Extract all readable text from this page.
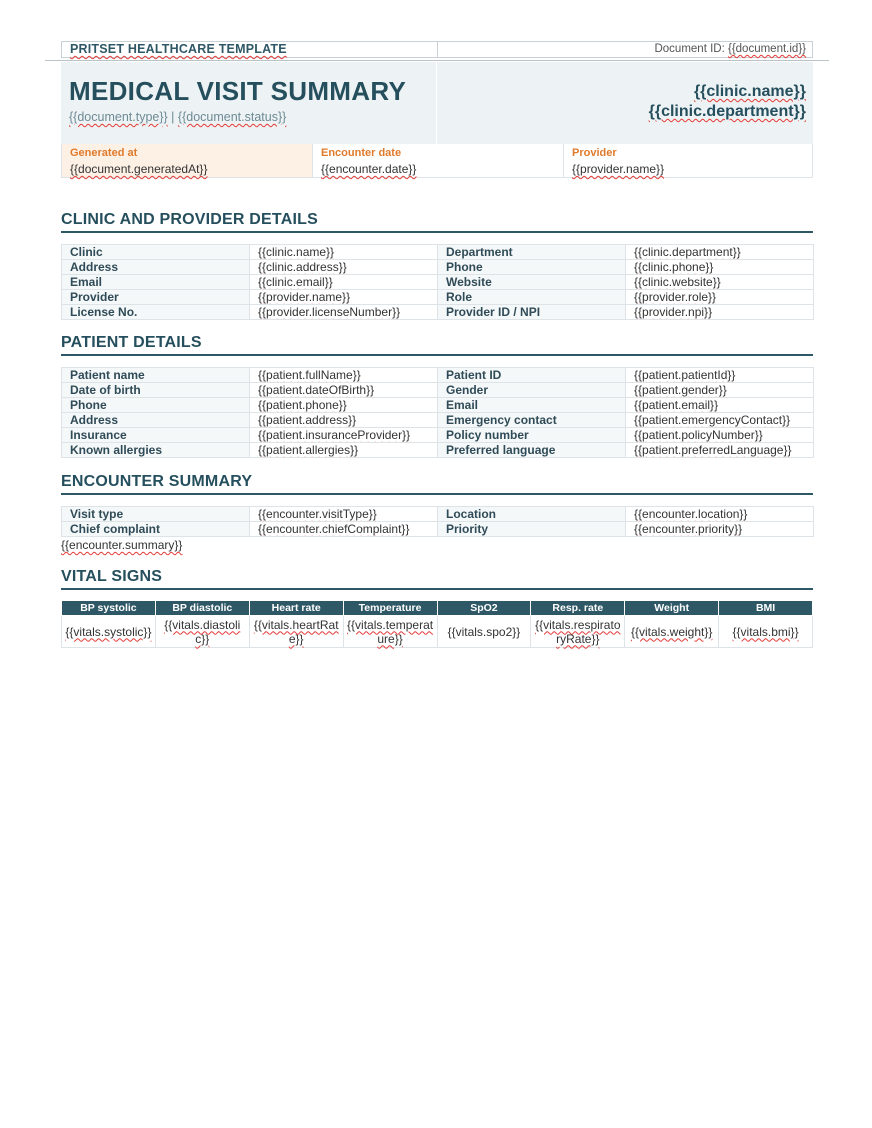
PRITSET HEALTHCARE TEMPLATE	Document ID: {{document.id}}
MEDICAL VISIT SUMMARY
{{document.type}} | {{document.status}}
{{clinic.name}}
{{clinic.department}}
Generated at
{{document.generatedAt}}
Encounter date
{{encounter.date}}
Provider
{{provider.name}}
CLINIC AND PROVIDER DETAILS
Clinic	{{clinic.name}}	Department	{{clinic.department}}
Address	{{clinic.address}}	Phone	{{clinic.phone}}
Email	{{clinic.email}}	Website	{{clinic.website}}
Provider	{{provider.name}}	Role	{{provider.role}}
License No.	{{provider.licenseNumber}}	Provider ID / NPI	{{provider.npi}}
PATIENT DETAILS
Patient name	{{patient.fullName}}	Patient ID	{{patient.patientId}}
Date of birth	{{patient.dateOfBirth}}	Gender	{{patient.gender}}
Phone	{{patient.phone}}	Email	{{patient.email}}
Address	{{patient.address}}	Emergency contact	{{patient.emergencyContact}}
Insurance	{{patient.insuranceProvider}}	Policy number	{{patient.policyNumber}}
Known allergies	{{patient.allergies}}	Preferred language	{{patient.preferredLanguage}}
ENCOUNTER SUMMARY
Visit type	{{encounter.visitType}}	Location	{{encounter.location}}
Chief complaint	{{encounter.chiefComplaint}}	Priority	{{encounter.priority}}
{{encounter.summary}}
VITAL SIGNS
BP systolic	BP diastolic	Heart rate	Temperature	SpO2	Resp. rate	Weight	BMI
{{vitals.systolic}}	{{vitals.diastolic}}	{{vitals.heartRate}}	{{vitals.temperature}}	{{vitals.spo2}}	{{vitals.respiratoryRate}}	{{vitals.weight}}	{{vitals.bmi}}
